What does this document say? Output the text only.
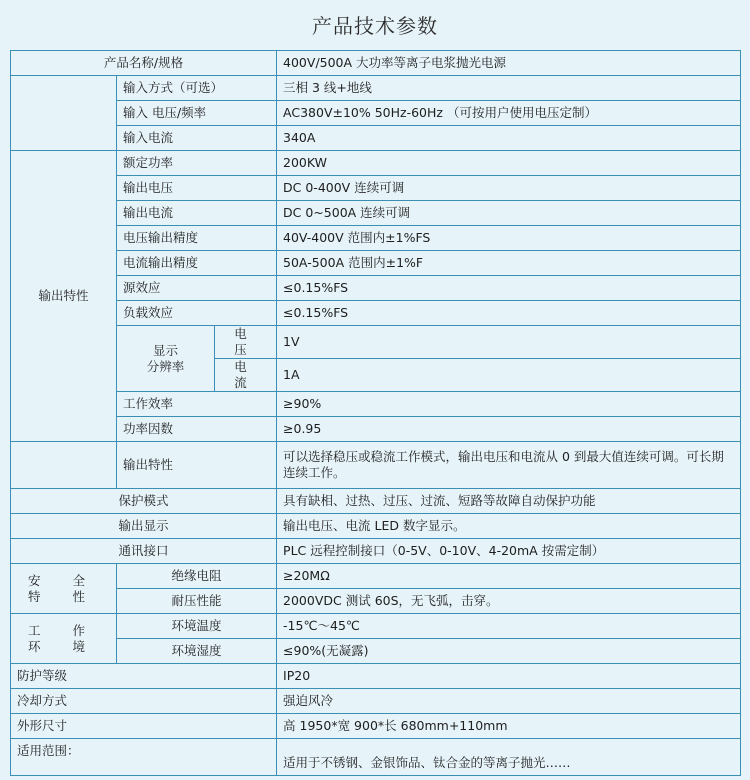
产品技术参数
产品名称/规格			400V/500A 大功率等离子电浆抛光电源
	输入方式（可选）		三相 3 线+地线
	输入 电压/频率		AC380V±10% 50Hz-60Hz （可按用户使用电压定制）
	输入电流		340A
输出特性	额定功率		200KW
	输出电压		DC 0-400V 连续可调
	输出电流		DC 0~500A 连续可调
	电压输出精度		40V-400V 范围内±1%FS
	电流输出精度		50A-500A 范围内±1%F
	源效应		≤0.15%FS
	负载效应		≤0.15%FS

	显示
分辨率	电 压	1V
		电 流	1A
	工作效率		≥90%
	功率因数		≥0.95
	输出特性		可以选择稳压或稳流工作模式，输出电压和电流从 0 到最大值连续可调。可长期连续工作。
保护模式			具有缺相、过热、过压、过流、短路等故障自动保护功能
输出显示			输出电压、电流 LED 数字显示。
通讯接口			PLC 远程控制接口（0-5V、0-10V、4-20mA 按需定制）

安 全
特 性	绝缘电阻		≥20MΩ
	耐压性能		2000VDC 测试 60S，无飞弧，击穿。

工 作
环 境	环境温度		-15℃～45℃
	环境湿度		≤90%(无凝露)
防护等级			IP20
冷却方式			强迫风冷
外形尺寸			高 1950*宽 900*长 680mm+110mm
适用范围：			适用于不锈钢、金银饰品、钛合金的等离子抛光……
